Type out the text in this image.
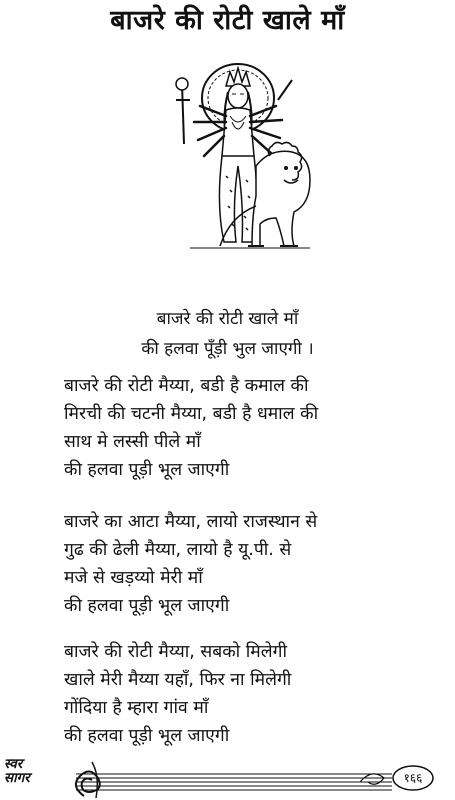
बाजरे की रोटी खाले माँ
बाजरे की रोटी खाले माँ
की हलवा पूँड़ी भुल जाएगी ।
बाजरे की रोटी मैय्या, बडी है कमाल की
मिरची की चटनी मैय्या, बडी है धमाल की
साथ मे लस्सी पीले माँ
की हलवा पूड़ी भूल जाएगी
बाजरे का आटा मैय्या, लायो राजस्थान से
गुढ की ढेली मैय्या, लायो है यू.पी. से
मजे से खड़य्यो मेरी माँ
की हलवा पूड़ी भूल जाएगी
बाजरे की रोटी मैय्या, सबको मिलेगी
खाले मेरी मैय्या यहाँ, फिर ना मिलेगी
गोंदिया है म्हारा गांव माँ
की हलवा पूड़ी भूल जाएगी
स्वर
सागर	१६६
